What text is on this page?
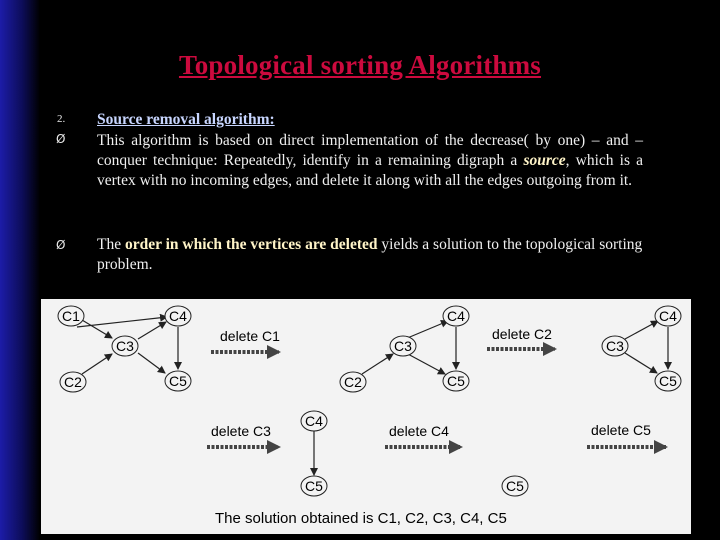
Topological sorting Algorithms
2.
Ø
Ø
Source removal algorithm:
This algorithm is based on direct implementation of the decrease( by one) – and – conquer technique: Repeatedly, identify in a remaining digraph a source, which is a vertex with no incoming edges, and delete it along with all the edges outgoing from it.
The order in which the vertices are deleted yields a solution to the topological sorting problem.
C1	C4
C3
C2	C5
delete C1
C4
C3
C2	C5
delete C2
C4
C3
C5
delete C3
C4
C5
delete C4
C5
delete C5
The solution obtained is C1, C2, C3, C4, C5
